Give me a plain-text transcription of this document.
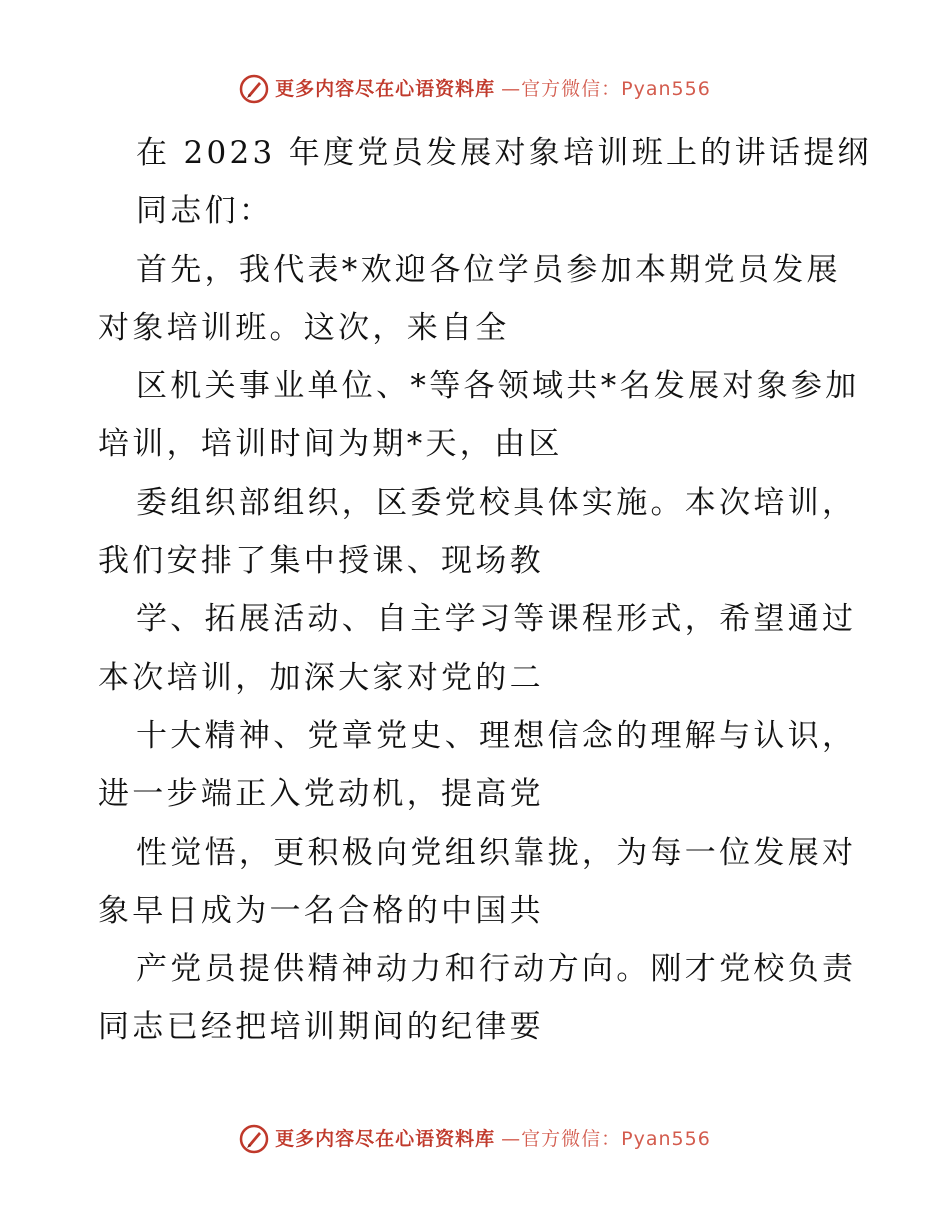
更多内容尽在心语资料库 —官方微信：Pyan556
在 2023 年度党员发展对象培训班上的讲话提纲
同志们：
首先，我代表*欢迎各位学员参加本期党员发展
对象培训班。这次，来自全
区机关事业单位、*等各领域共*名发展对象参加
培训，培训时间为期*天，由区
委组织部组织，区委党校具体实施。本次培训，
我们安排了集中授课、现场教
学、拓展活动、自主学习等课程形式，希望通过
本次培训，加深大家对党的二
十大精神、党章党史、理想信念的理解与认识，
进一步端正入党动机，提高党
性觉悟，更积极向党组织靠拢，为每一位发展对
象早日成为一名合格的中国共
产党员提供精神动力和行动方向。刚才党校负责
同志已经把培训期间的纪律要
更多内容尽在心语资料库 —官方微信：Pyan556
